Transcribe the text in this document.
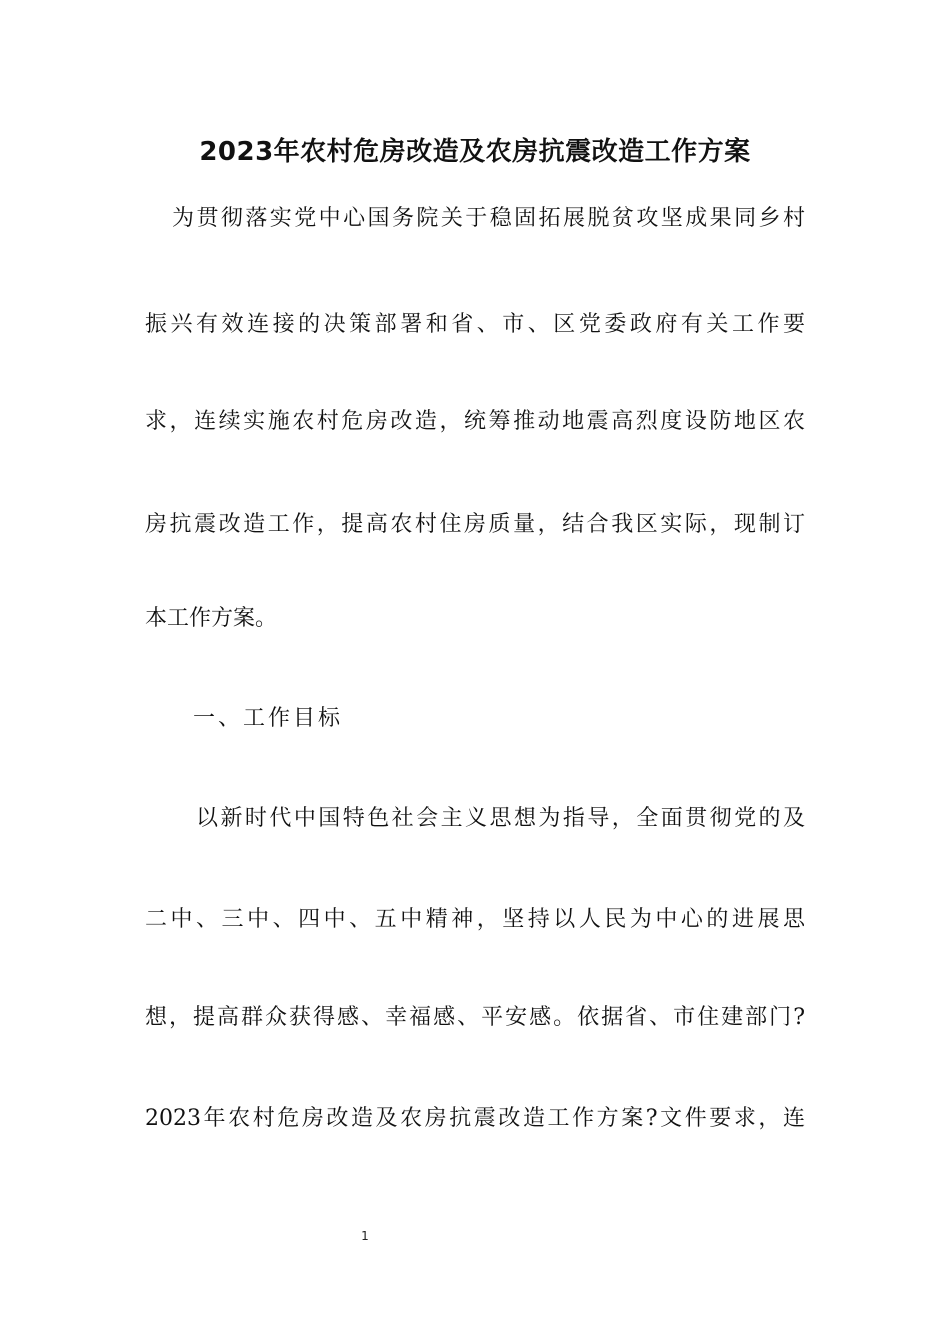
2023年农村危房改造及农房抗震改造工作方案
为贯彻落实党中心国务院关于稳固拓展脱贫攻坚成果同乡村
振兴有效连接的决策部署和省、市、区党委政府有关工作要
求，连续实施农村危房改造，统筹推动地震高烈度设防地区农
房抗震改造工作，提高农村住房质量，结合我区实际，现制订
本工作方案。
一、工作目标
以新时代中国特色社会主义思想为指导，全面贯彻党的及
二中、三中、四中、五中精神，坚持以人民为中心的进展思
想，提高群众获得感、幸福感、平安感。依据省、市住建部门?
2023年农村危房改造及农房抗震改造工作方案?文件要求，连
1
